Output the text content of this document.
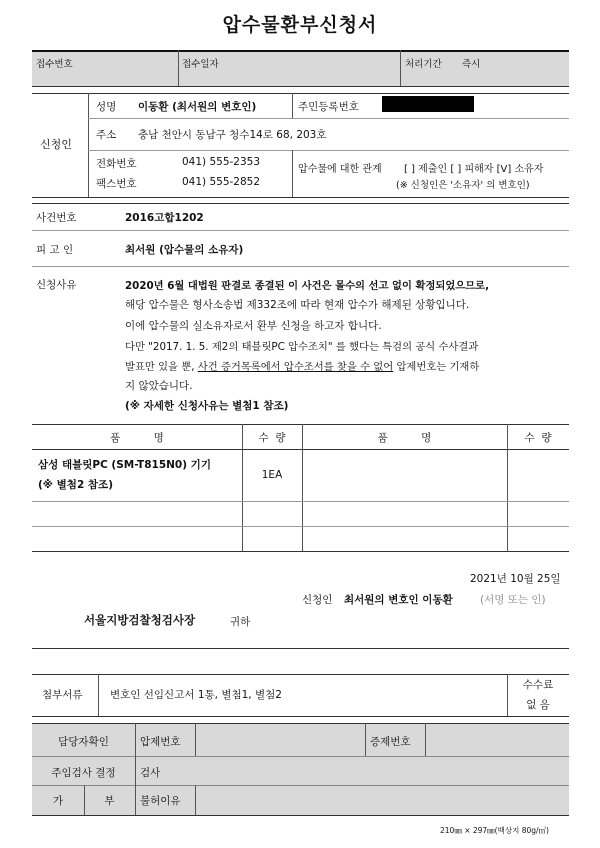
압수물환부신청서
접수번호	접수일자	처리기간 즉시
신청인
성명 이동환 (최서원의 변호인)	주민등록번호
주소 충남 천안시 동남구 청수14로 68, 203호
전화번호	041) 555-2353
팩스번호	041) 555-2852
압수물에 대한 관계 [ ] 제출인 [ ] 피해자 [V] 소유자
(※ 신청인은 '소유자' 의 변호인)
사건번호	2016고합1202
피 고 인	최서원 (압수물의 소유자)
신청사유	2020년 6월 대법원 판결로 종결된 이 사건은 몰수의 선고 없이 확정되었으므로,
해당 압수물은 형사소송법 제332조에 따라 현재 압수가 해제된 상황입니다.
이에 압수물의 실소유자로서 환부 신청을 하고자 합니다.
다만 "2017. 1. 5. 제2의 태블릿PC 압수조치" 를 했다는 특검의 공식 수사결과
발표만 있을 뿐, 사건 증거목록에서 압수조서를 찾을 수 없어 압제번호는 기재하
지 않았습니다.
(※ 자세한 신청사유는 별첨1 참조)
품          명	수  량	품          명	수  량
삼성 태블릿PC (SM-T815N0) 기기
(※ 별첨2 참조)
1EA
2021년 10월 25일
신청인 최서원의 변호인 이동환	(서명 또는 인)
서울지방검찰청검사장	귀하
첨부서류	변호인 선임신고서 1통, 별첨1, 별첨2
수수료
없 음
담당자확인	압제번호	증제번호
주임검사 결정	검사
가	부	불허이유
210㎜ × 297㎜(백상지 80g/㎡)
